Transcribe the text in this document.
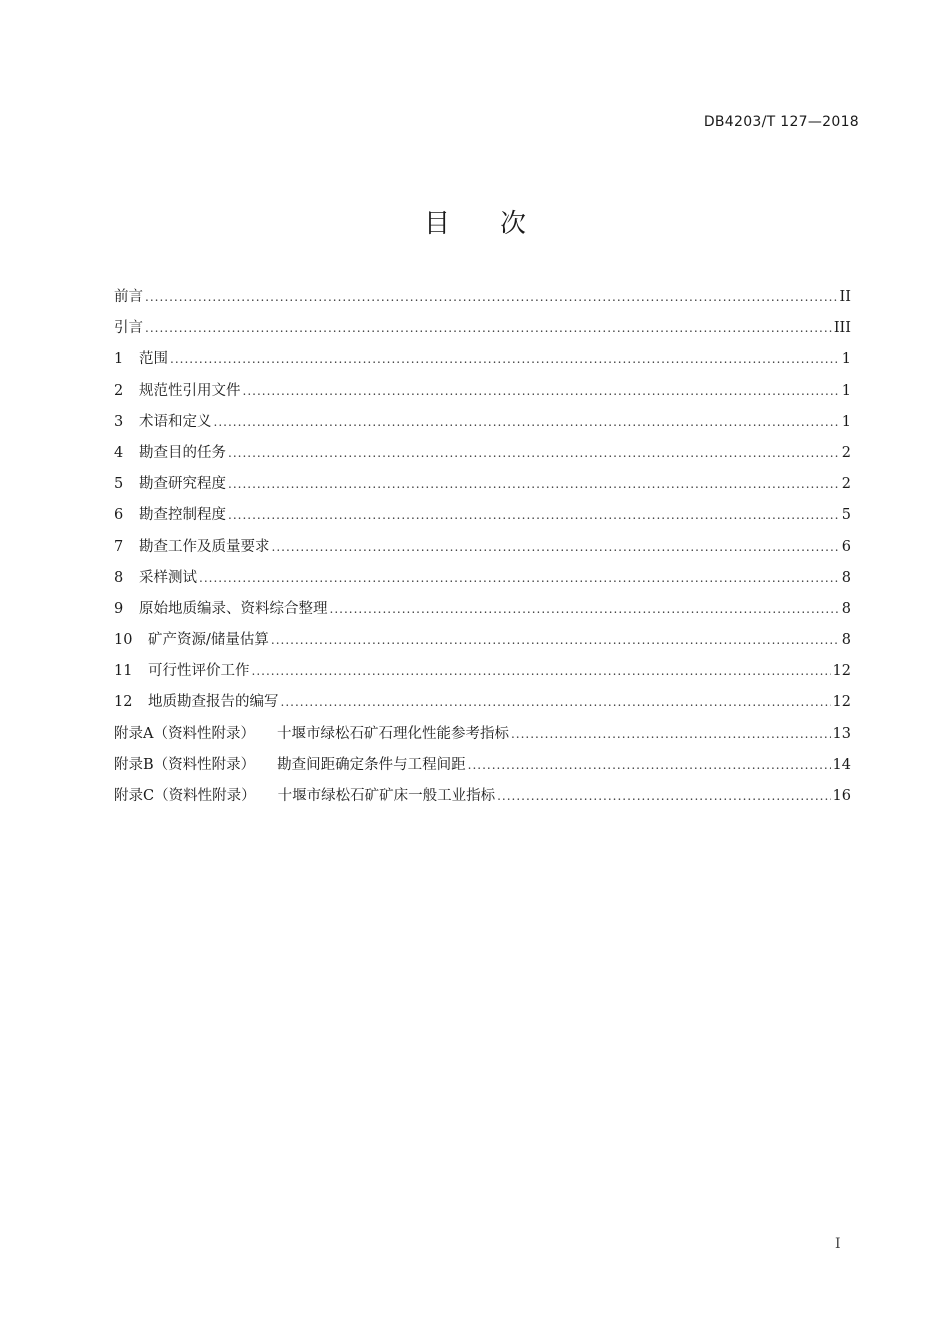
DB4203/T 127—2018
目次
前言 .....	II
引言 .....	III
1	范围 .....	1
2	规范性引用文件 .....	1
3	术语和定义 .....	1
4	勘查目的任务 .....	2
5	勘查研究程度 .....	2
6	勘查控制程度 .....	5
7	勘查工作及质量要求 .....	6
8	采样测试 .....	8
9	原始地质编录、资料综合整理 .....	8
10	矿产资源/储量估算 .....	8
11	可行性评价工作 .....	12
12	地质勘查报告的编写 .....	12
附录A（资料性附录） 十堰市绿松石矿石理化性能参考指标 .....	13
附录B（资料性附录） 勘查间距确定条件与工程间距 .....	14
附录C（资料性附录） 十堰市绿松石矿矿床一般工业指标 .....	16
I
